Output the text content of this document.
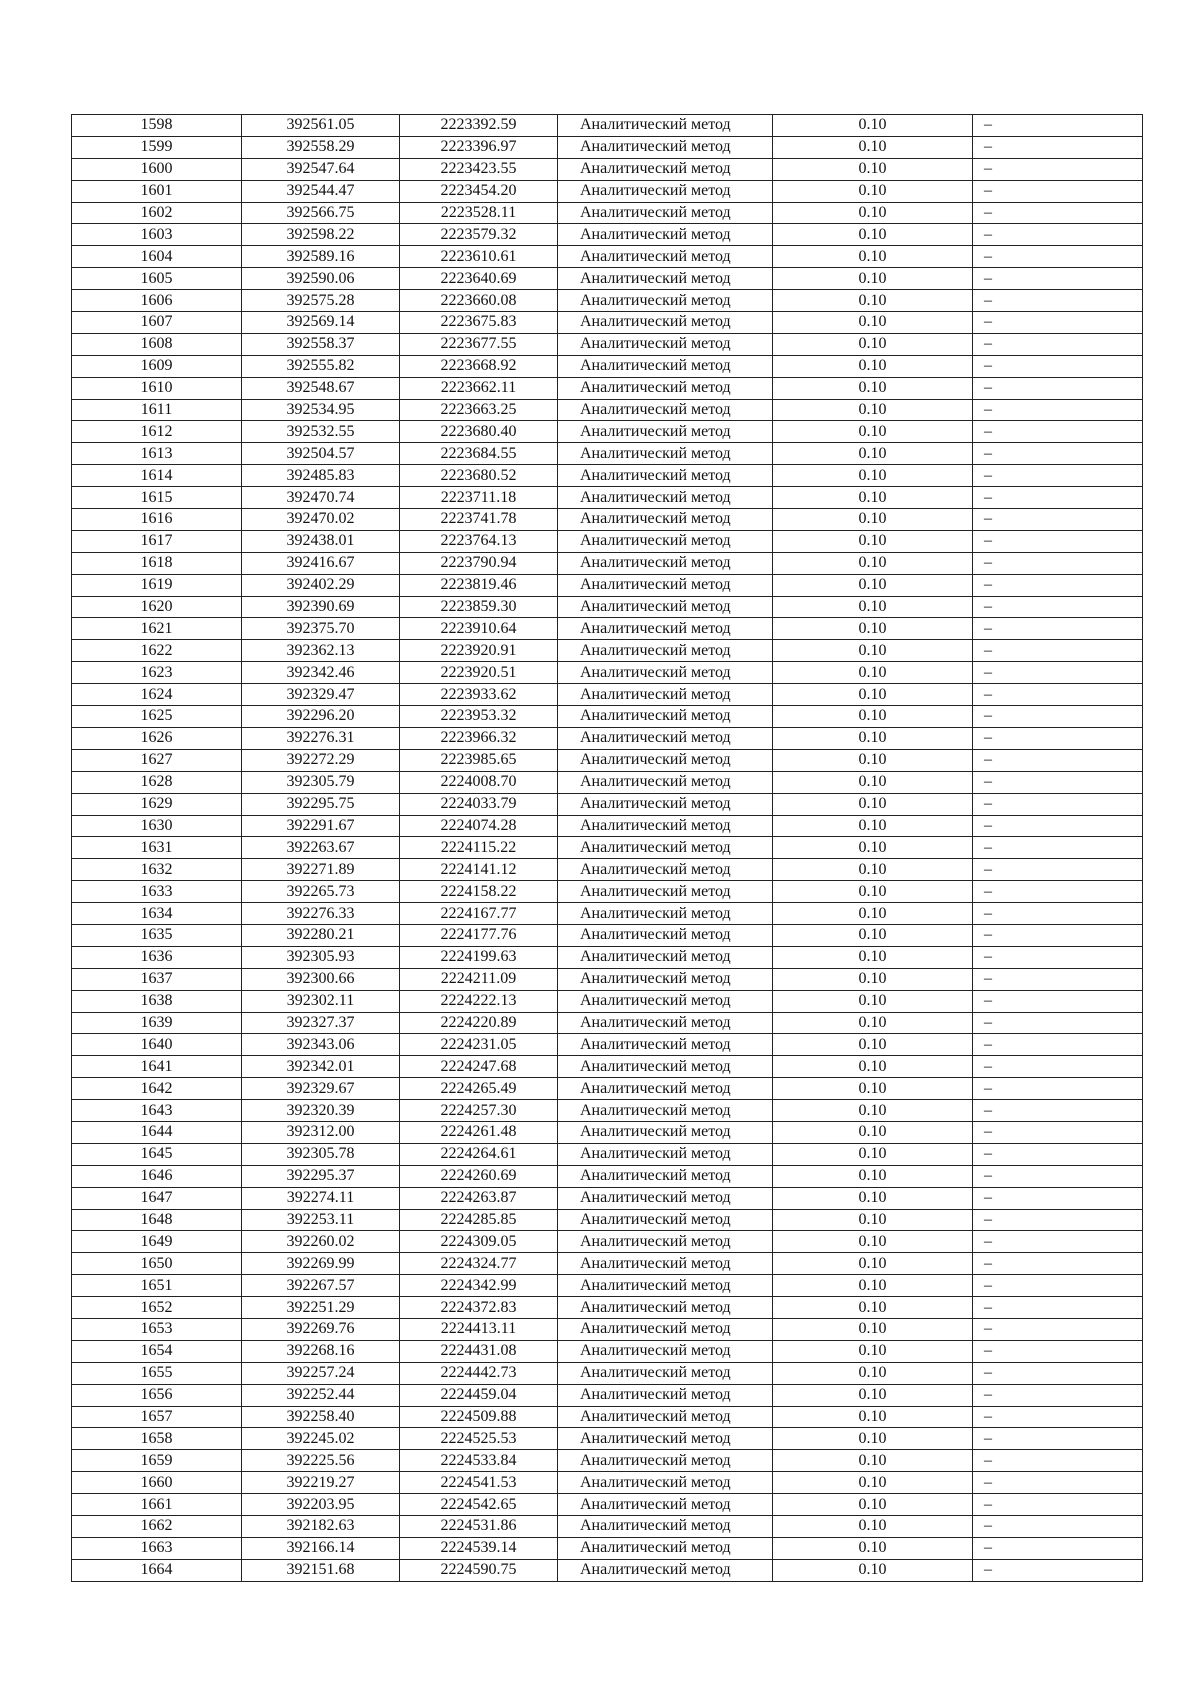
1598	392561.05	2223392.59	Аналитический метод	0.10	–
1599	392558.29	2223396.97	Аналитический метод	0.10	–
1600	392547.64	2223423.55	Аналитический метод	0.10	–
1601	392544.47	2223454.20	Аналитический метод	0.10	–
1602	392566.75	2223528.11	Аналитический метод	0.10	–
1603	392598.22	2223579.32	Аналитический метод	0.10	–
1604	392589.16	2223610.61	Аналитический метод	0.10	–
1605	392590.06	2223640.69	Аналитический метод	0.10	–
1606	392575.28	2223660.08	Аналитический метод	0.10	–
1607	392569.14	2223675.83	Аналитический метод	0.10	–
1608	392558.37	2223677.55	Аналитический метод	0.10	–
1609	392555.82	2223668.92	Аналитический метод	0.10	–
1610	392548.67	2223662.11	Аналитический метод	0.10	–
1611	392534.95	2223663.25	Аналитический метод	0.10	–
1612	392532.55	2223680.40	Аналитический метод	0.10	–
1613	392504.57	2223684.55	Аналитический метод	0.10	–
1614	392485.83	2223680.52	Аналитический метод	0.10	–
1615	392470.74	2223711.18	Аналитический метод	0.10	–
1616	392470.02	2223741.78	Аналитический метод	0.10	–
1617	392438.01	2223764.13	Аналитический метод	0.10	–
1618	392416.67	2223790.94	Аналитический метод	0.10	–
1619	392402.29	2223819.46	Аналитический метод	0.10	–
1620	392390.69	2223859.30	Аналитический метод	0.10	–
1621	392375.70	2223910.64	Аналитический метод	0.10	–
1622	392362.13	2223920.91	Аналитический метод	0.10	–
1623	392342.46	2223920.51	Аналитический метод	0.10	–
1624	392329.47	2223933.62	Аналитический метод	0.10	–
1625	392296.20	2223953.32	Аналитический метод	0.10	–
1626	392276.31	2223966.32	Аналитический метод	0.10	–
1627	392272.29	2223985.65	Аналитический метод	0.10	–
1628	392305.79	2224008.70	Аналитический метод	0.10	–
1629	392295.75	2224033.79	Аналитический метод	0.10	–
1630	392291.67	2224074.28	Аналитический метод	0.10	–
1631	392263.67	2224115.22	Аналитический метод	0.10	–
1632	392271.89	2224141.12	Аналитический метод	0.10	–
1633	392265.73	2224158.22	Аналитический метод	0.10	–
1634	392276.33	2224167.77	Аналитический метод	0.10	–
1635	392280.21	2224177.76	Аналитический метод	0.10	–
1636	392305.93	2224199.63	Аналитический метод	0.10	–
1637	392300.66	2224211.09	Аналитический метод	0.10	–
1638	392302.11	2224222.13	Аналитический метод	0.10	–
1639	392327.37	2224220.89	Аналитический метод	0.10	–
1640	392343.06	2224231.05	Аналитический метод	0.10	–
1641	392342.01	2224247.68	Аналитический метод	0.10	–
1642	392329.67	2224265.49	Аналитический метод	0.10	–
1643	392320.39	2224257.30	Аналитический метод	0.10	–
1644	392312.00	2224261.48	Аналитический метод	0.10	–
1645	392305.78	2224264.61	Аналитический метод	0.10	–
1646	392295.37	2224260.69	Аналитический метод	0.10	–
1647	392274.11	2224263.87	Аналитический метод	0.10	–
1648	392253.11	2224285.85	Аналитический метод	0.10	–
1649	392260.02	2224309.05	Аналитический метод	0.10	–
1650	392269.99	2224324.77	Аналитический метод	0.10	–
1651	392267.57	2224342.99	Аналитический метод	0.10	–
1652	392251.29	2224372.83	Аналитический метод	0.10	–
1653	392269.76	2224413.11	Аналитический метод	0.10	–
1654	392268.16	2224431.08	Аналитический метод	0.10	–
1655	392257.24	2224442.73	Аналитический метод	0.10	–
1656	392252.44	2224459.04	Аналитический метод	0.10	–
1657	392258.40	2224509.88	Аналитический метод	0.10	–
1658	392245.02	2224525.53	Аналитический метод	0.10	–
1659	392225.56	2224533.84	Аналитический метод	0.10	–
1660	392219.27	2224541.53	Аналитический метод	0.10	–
1661	392203.95	2224542.65	Аналитический метод	0.10	–
1662	392182.63	2224531.86	Аналитический метод	0.10	–
1663	392166.14	2224539.14	Аналитический метод	0.10	–
1664	392151.68	2224590.75	Аналитический метод	0.10	–
